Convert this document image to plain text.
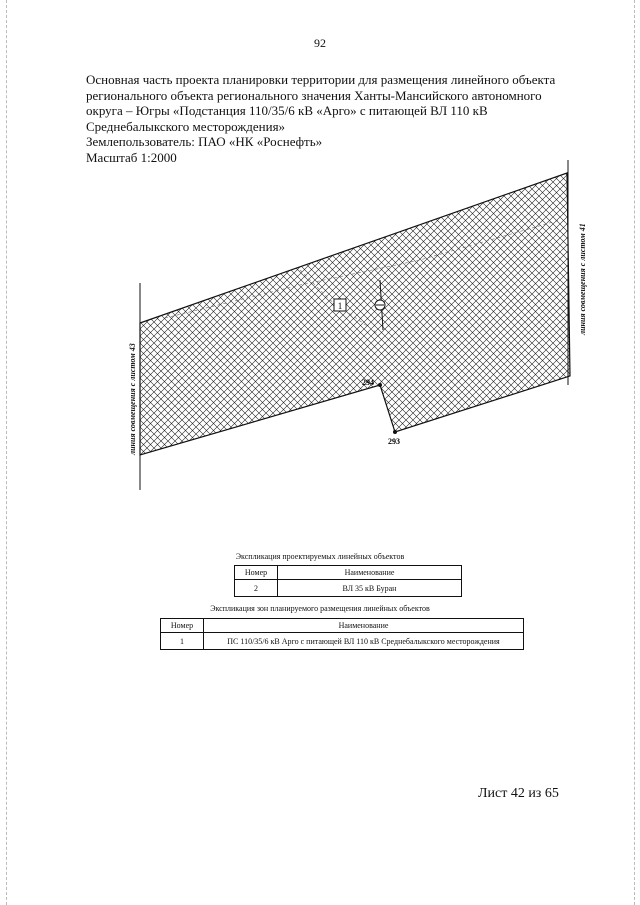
92
Основная часть проекта планировки территории для размещения линейного объекта
регионального объекта регионального значения Ханты-Мансийского автономного
округа – Югры «Подстанция 110/35/6 кВ «Арго» с питающей ВЛ 110 кВ
Среднебалыкского месторождения»
Землепользователь: ПАО «НК «Роснефть»
Масштаб 1:2000
1
294
293
линия совмещения с листом 43
линия совмещения с листом 41
Экспликация проектируемых линейных объектов
Номер	Наименование
2	ВЛ 35 кВ Буран
Экспликация зон планируемого размещения линейных объектов
Номер	Наименование
1	ПС 110/35/6 кВ Арго с питающей ВЛ 110 кВ Среднебалыкского месторождения
Лист 42 из 65
